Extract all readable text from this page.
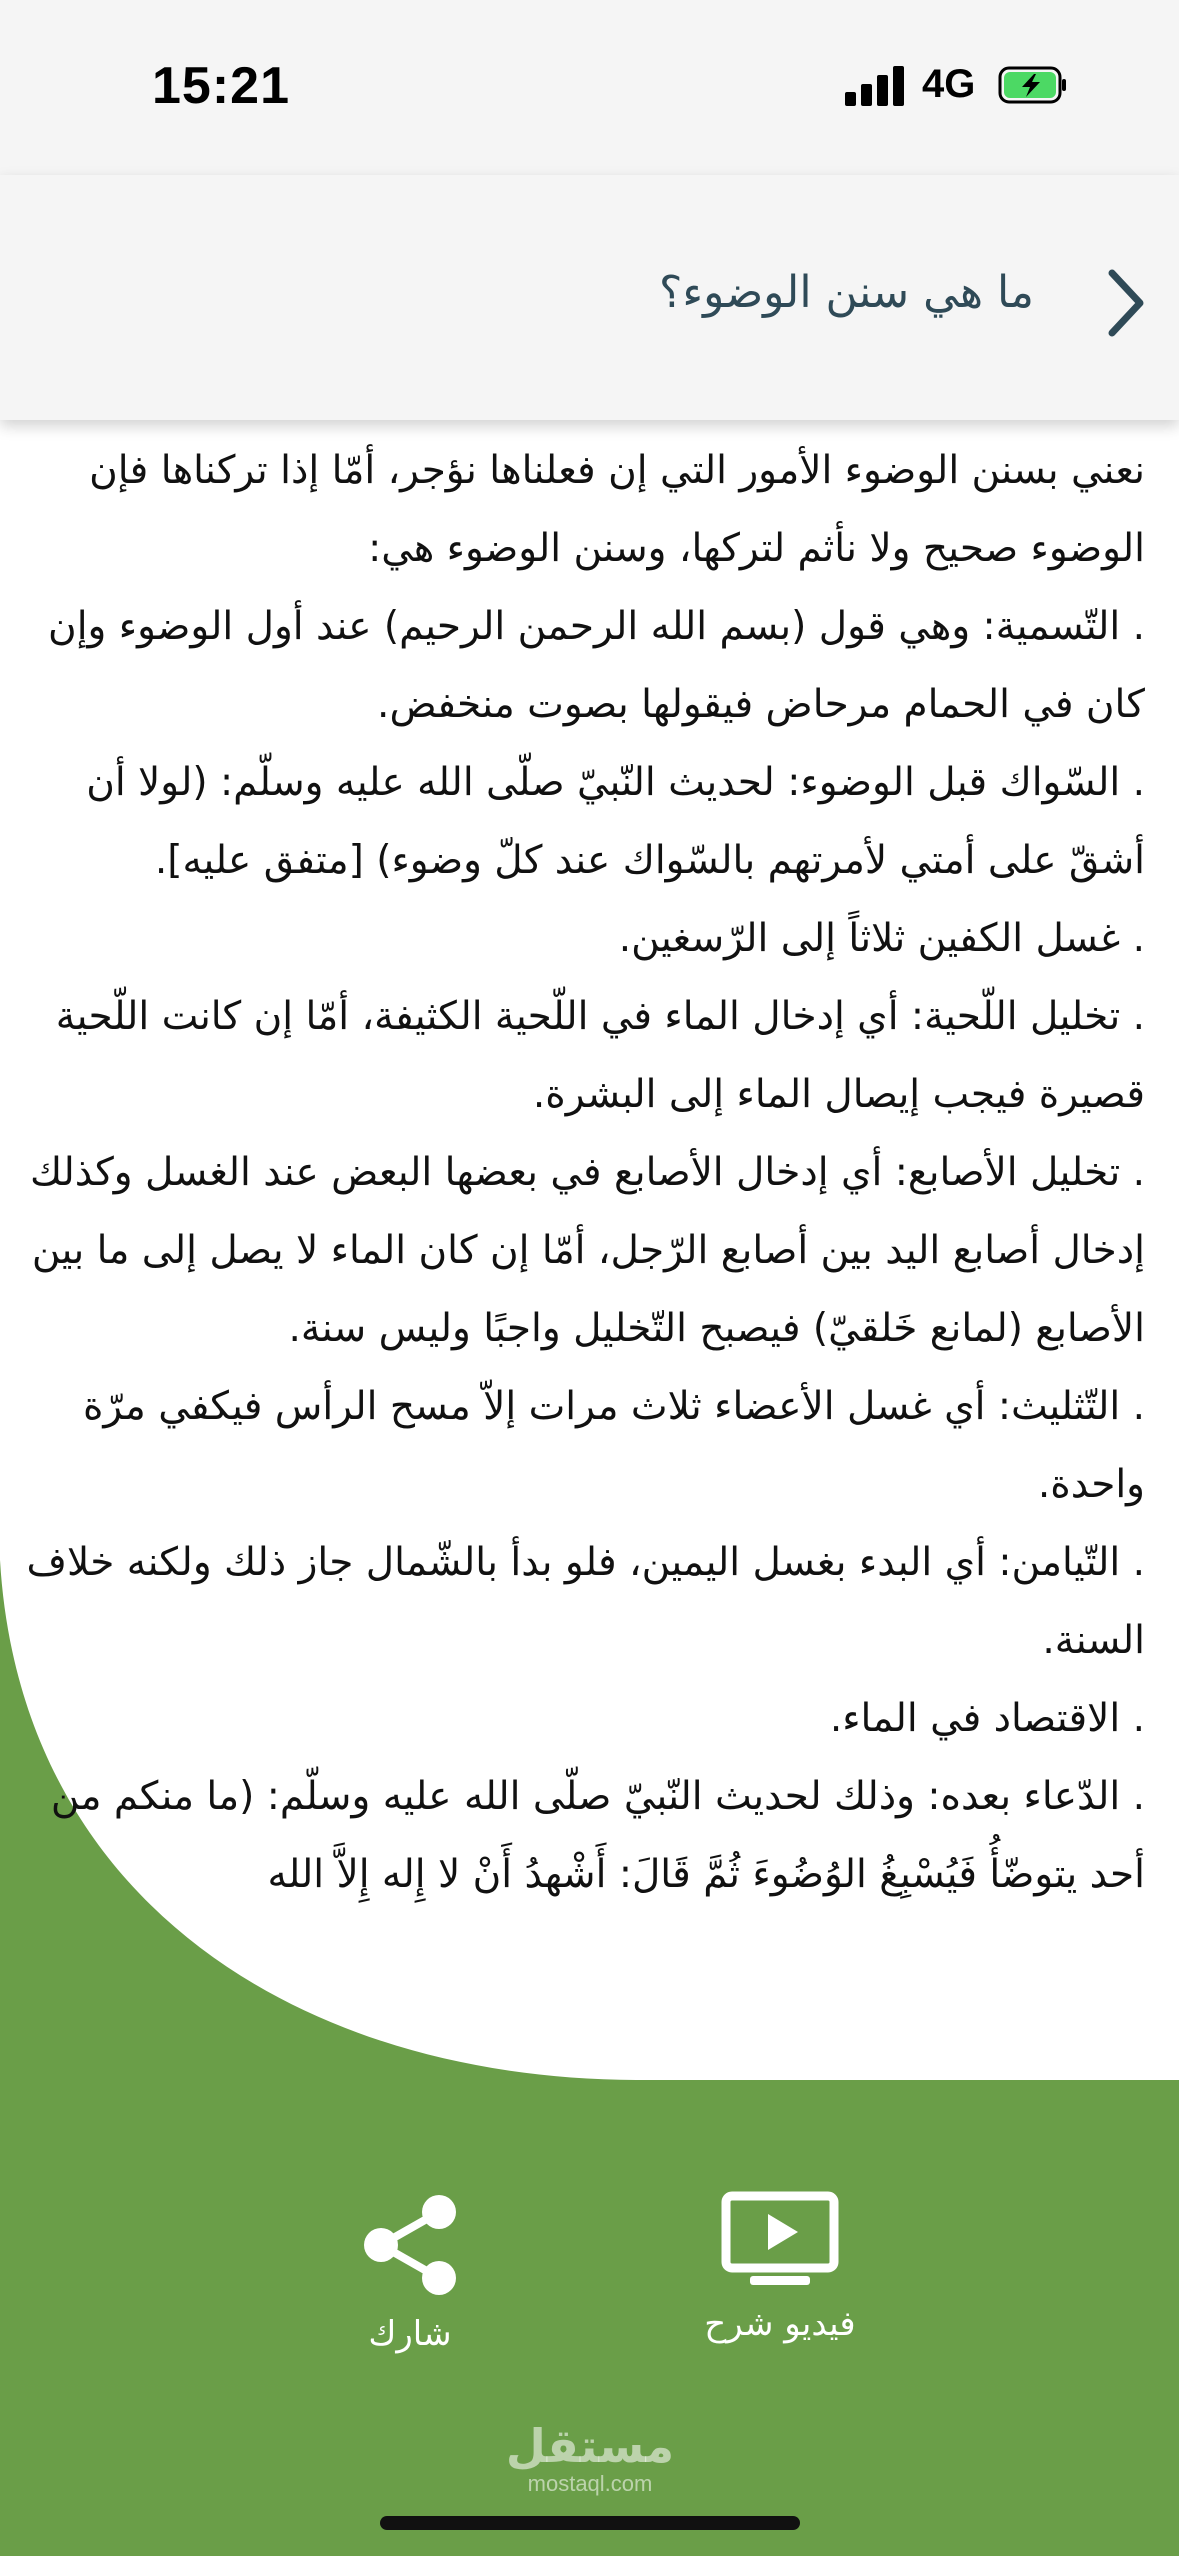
15:21	4G
ما هي سنن الوضوء؟

نعني بسنن الوضوء الأمور التي إن فعلناها نؤجر، أمّا إذا تركناها فإن الوضوء صحيح ولا نأثم لتركها، وسنن الوضوء هي:

. التّسمية: وهي قول (بسم الله الرحمن الرحيم) عند أول الوضوء وإن كان في الحمام مرحاض فيقولها بصوت منخفض.

. السّواك قبل الوضوء: لحديث النّبيّ صلّى الله عليه وسلّم: (لولا أن أشقّ على أمتي لأمرتهم بالسّواك عند كلّ وضوء) [متفق عليه].

. غسل الكفين ثلاثاً إلى الرّسغين.

. تخليل اللّحية: أي إدخال الماء في اللّحية الكثيفة، أمّا إن كانت اللّحية قصيرة فيجب إيصال الماء إلى البشرة.

. تخليل الأصابع: أي إدخال الأصابع في بعضها البعض عند الغسل وكذلك إدخال أصابع اليد بين أصابع الرّجل، أمّا إن كان الماء لا يصل إلى ما بين الأصابع (لمانع خَلقيّ) فيصبح التّخليل واجبًا وليس سنة.

. التّثليث: أي غسل الأعضاء ثلاث مرات إلاّ مسح الرأس فيكفي مرّة واحدة.

. التّيامن: أي البدء بغسل اليمين، فلو بدأ بالشّمال جاز ذلك ولكنه خلاف السنة.

. الاقتصاد في الماء.

. الدّعاء بعده: وذلك لحديث النّبيّ صلّى الله عليه وسلّم: (ما منكم من أحد يتوضّأُ فَيُسْبِغُ الوُضُوءَ ثُمَّ قَالَ: أَشْهدُ أَنْ لا إِله إِلاَّ الله

فيديو شرح
شارك
مستقل
mostaql.com
